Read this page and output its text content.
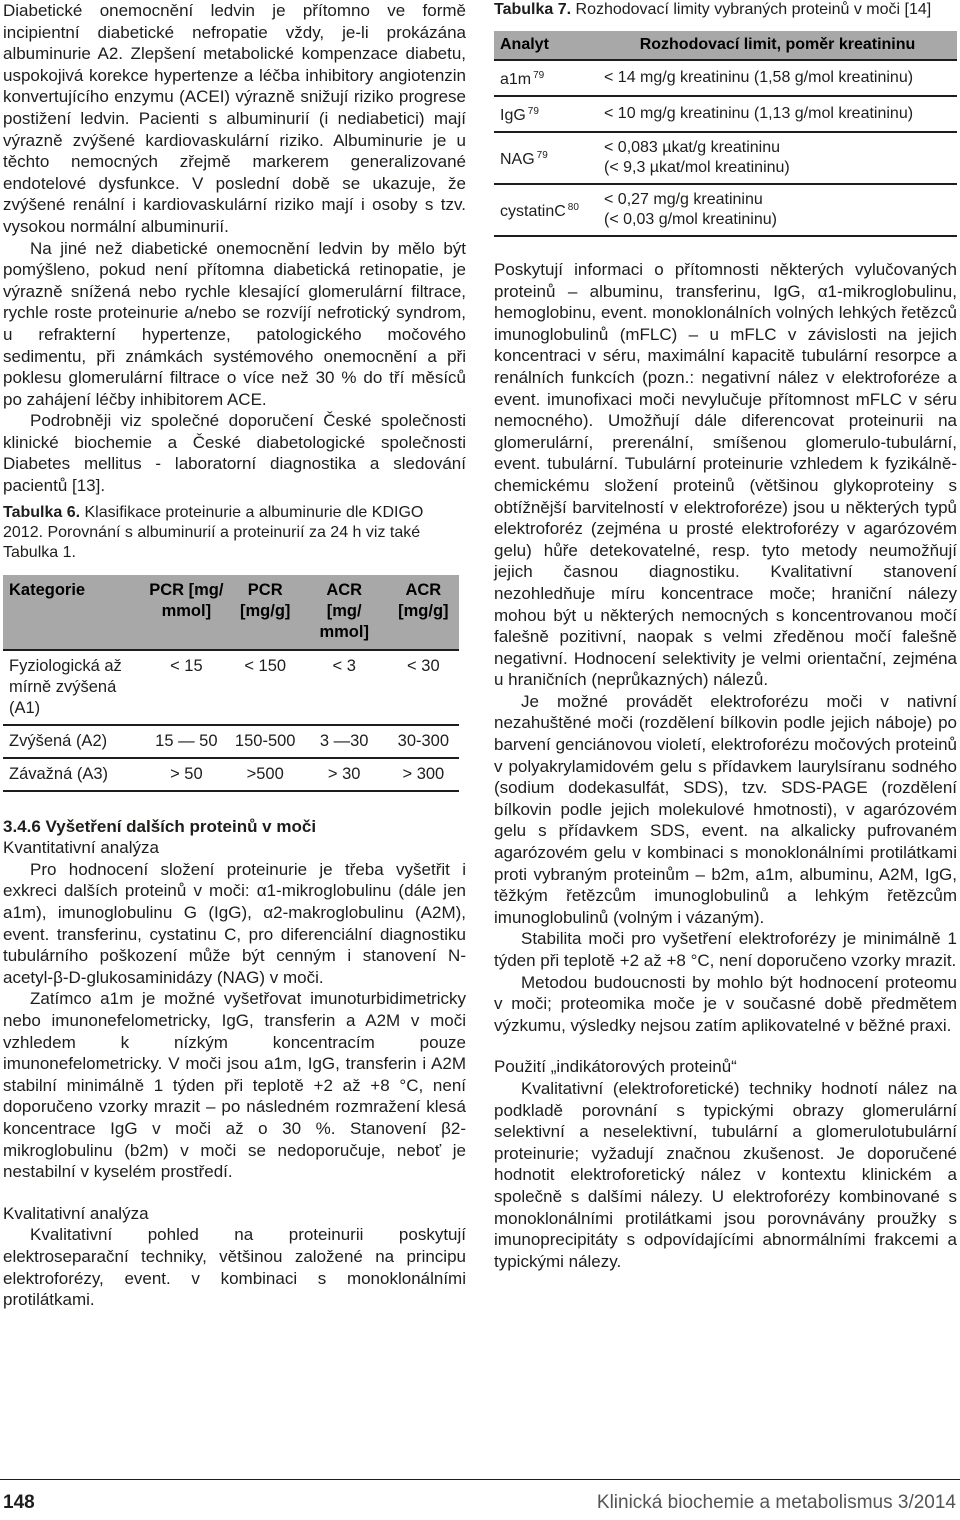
Diabetické onemocnění ledvin je přítomno ve formě incipientní diabetické nefropatie vždy, je-li prokázána albuminurie A2. Zlepšení metabolické kompenzace diabetu, uspokojivá korekce hypertenze a léčba inhibitory angiotenzin konvertujícího enzymu (ACEI) výrazně snižují riziko progrese postižení ledvin. Pacienti s albuminurií (i nediabetici) mají výrazně zvýšené kardiovaskulární riziko. Albuminurie je u těchto nemocných zřejmě markerem generalizované endotelové dysfunkce. V poslední době se ukazuje, že zvýšené renální i kardiovaskulární riziko mají i osoby s tzv. vysokou normální albuminurií.

Na jiné než diabetické onemocnění ledvin by mělo být pomýšleno, pokud není přítomna diabetická retinopatie, je výrazně snížená nebo rychle klesající glomerulární filtrace, rychle roste proteinurie a/nebo se rozvíjí nefrotický syndrom, u refrakterní hypertenze, patologického močového sedimentu, při známkách systémového onemocnění a při poklesu glomerulární filtrace o více než 30 % do tří měsíců po zahájení léčby inhibitorem ACE.

Podrobněji viz společné doporučení České společnosti klinické biochemie a České diabetologické společnosti Diabetes mellitus - laboratorní diagnostika a sledování pacientů [13].

Tabulka 6. Klasifikace proteinurie a albuminurie dle KDIGO 2012. Porovnání s albuminurií a proteinurií za 24 h viz také Tabulka 1.

Kategorie	PCR [mg/ mmol]	PCR [mg/g]	ACR [mg/ mmol]	ACR [mg/g]
Fyziologická až mírně zvýšená (A1)	< 15	< 150	< 3	< 30
Zvýšená (A2)	15 — 50	150-500	3 —30	30-300
Závažná (A3)	> 50	>500	> 30	> 300

3.4.6 Vyšetření dalších proteinů v moči

Kvantitativní analýza

Pro hodnocení složení proteinurie je třeba vyšetřit i exkreci dalších proteinů v moči: α1-mikroglobulinu (dále jen a1m), imunoglobulinu G (IgG), α2-makroglobulinu (A2M), event. transferinu, cystatinu C, pro diferenciální diagnostiku tubulárního poškození může být cenným i stanovení N-acetyl-β-D-glukosaminidázy (NAG) v moči.

Zatímco a1m je možné vyšetřovat imunoturbidimetricky nebo imunonefelometricky, IgG, transferin a A2M v moči vzhledem k nízkým koncentracím pouze imunonefelometricky. V moči jsou a1m, IgG, transferin i A2M stabilní minimálně 1 týden při teplotě +2 až +8 °C, není doporučeno vzorky mrazit – po následném rozmražení klesá koncentrace IgG v moči až o 30 %. Stanovení β2-mikroglobulinu (b2m) v moči se nedoporučuje, neboť je nestabilní v kyselém prostředí.

Kvalitativní analýza

Kvalitativní pohled na proteinurii poskytují elektroseparační techniky, většinou založené na principu elektroforézy, event. v kombinaci s monoklonálními protilátkami.

Tabulka 7. Rozhodovací limity vybraných proteinů v moči [14]

Analyt	Rozhodovací limit, poměr kreatininu
a1m $^{79}$	< 14 mg/g kreatininu (1,58 g/mol kreatininu)

IgG $^{79}$	< 10 mg/g kreatininu (1,13 g/mol kreatininu)

NAG $^{79}$	< 0,083 µkat/g kreatininu
(< 9,3 µkat/mol kreatininu)

cystatinC $^{80}$	< 0,27 mg/g kreatininu
(< 0,03 g/mol kreatininu)

Poskytují informaci o přítomnosti některých vylučovaných proteinů – albuminu, transferinu, IgG, α1-mikroglobulinu, hemoglobinu, event. monoklonálních volných lehkých řetězců imunoglobulinů (mFLC) – u mFLC v závislosti na jejich koncentraci v séru, maximální kapacitě tubulární resorpce a renálních funkcích (pozn.: negativní nález v elektroforéze a event. imunofixaci moči nevylučuje přítomnost mFLC v séru nemocného). Umožňují dále diferencovat proteinurii na glomerulární, prerenální, smíšenou glomerulo-tubulární, event. tubulární. Tubulární proteinurie vzhledem k fyzikálně-chemickému složení proteinů (většinou glykoproteiny s obtížnější barvitelností v elektroforéze) jsou u některých typů elektroforéz (zejména u prosté elektroforézy v agarózovém gelu) hůře detekovatelné, resp. tyto metody neumožňují jejich časnou diagnostiku. Kvalitativní stanovení nezohledňuje míru koncentrace moče; hraniční nálezy mohou být u některých nemocných s koncentrovanou močí falešně pozitivní, naopak s velmi zředěnou močí falešně negativní. Hodnocení selektivity je velmi orientační, zejména u hraničních (neprůkazných) nálezů.

Je možné provádět elektroforézu moči v nativní nezahuštěné moči (rozdělení bílkovin podle jejich náboje) po barvení genciánovou violetí, elektroforézu močových proteinů v polyakrylamidovém gelu s přídavkem laurylsíranu sodného (sodium dodekasulfát, SDS), tzv. SDS-PAGE (rozdělení bílkovin podle jejich molekulové hmotnosti), v agarózovém gelu s přídavkem SDS, event. na alkalicky pufrovaném agarózovém gelu v kombinaci s monoklonálními protilátkami proti vybraným proteinům – b2m, a1m, albuminu, A2M, IgG, těžkým řetězcům imunoglobulinů a lehkým řetězcům imunoglobulinů (volným i vázaným).

Stabilita moči pro vyšetření elektroforézy je minimálně 1 týden při teplotě +2 až +8 °C, není doporučeno vzorky mrazit.

Metodou budoucnosti by mohlo být hodnocení proteomu v moči; proteomika moče je v současné době předmětem výzkumu, výsledky nejsou zatím aplikovatelné v běžné praxi.

Použití „indikátorových proteinů“

Kvalitativní (elektroforetické) techniky hodnotí nález na podkladě porovnání s typickými obrazy glomerulární selektivní a neselektivní, tubulární a glomerulotubulární proteinurie; vyžadují značnou zkušenost. Je doporučené hodnotit elektroforetický nález v kontextu klinickém a společně s dalšími nálezy. U elektroforézy kombinované s monoklonálními protilátkami jsou porovnávány proužky s imunoprecipitáty s odpovídajícími abnormálními frakcemi a typickými nálezy.

148	Klinická biochemie a metabolismus 3/2014
